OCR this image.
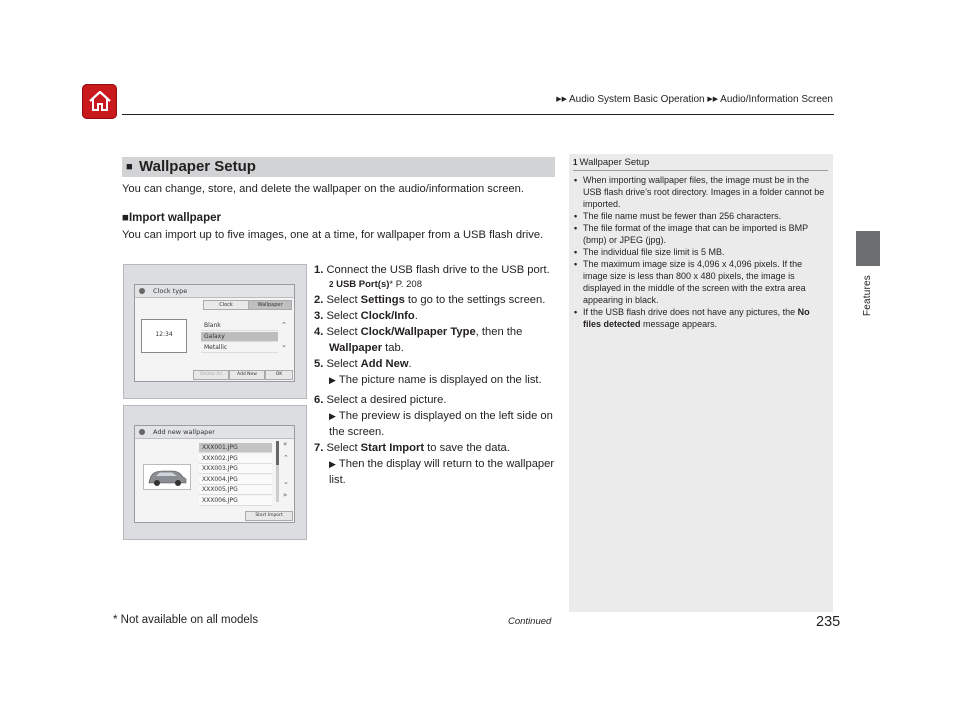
▶▶ Audio System Basic Operation ▶▶ Audio/Information Screen
Features
■ Wallpaper Setup
You can change, store, and delete the wallpaper on the audio/information screen.
■Import wallpaper
You can import up to five images, one at a time, for wallpaper from a USB flash drive.
Clock type
Clock	Wallpaper
12:34
Blank
Galaxy
Metallic
⌃
⌄
Delete All	Add New	OK
Add new wallpaper
XXX001.JPG
XXX002.JPG
XXX003.JPG
XXX004.JPG
XXX005.JPG
XXX006.JPG
«
⌃
⌄
»
Start Import
1. Connect the USB flash drive to the USB port.
2 USB Port(s)* P. 208
2. Select Settings to go to the settings screen.
3. Select Clock/Info.
4. Select Clock/Wallpaper Type, then the
Wallpaper tab.
5. Select Add New.
▶ The picture name is displayed on the list.
6. Select a desired picture.
▶ The preview is displayed on the left side on the screen.
7. Select Start Import to save the data.
▶ Then the display will return to the wallpaper list.
1 Wallpaper Setup
• When importing wallpaper files, the image must be in the USB flash drive’s root directory. Images in a folder cannot be imported.
• The file name must be fewer than 256 characters.
• The file format of the image that can be imported is BMP (bmp) or JPEG (jpg).
• The individual file size limit is 5 MB.
• The maximum image size is 4,096 x 4,096 pixels. If the image size is less than 800 x 480 pixels, the image is displayed in the middle of the screen with the extra area appearing in black.
• If the USB flash drive does not have any pictures, the No files detected message appears.
* Not available on all models	Continued	235
